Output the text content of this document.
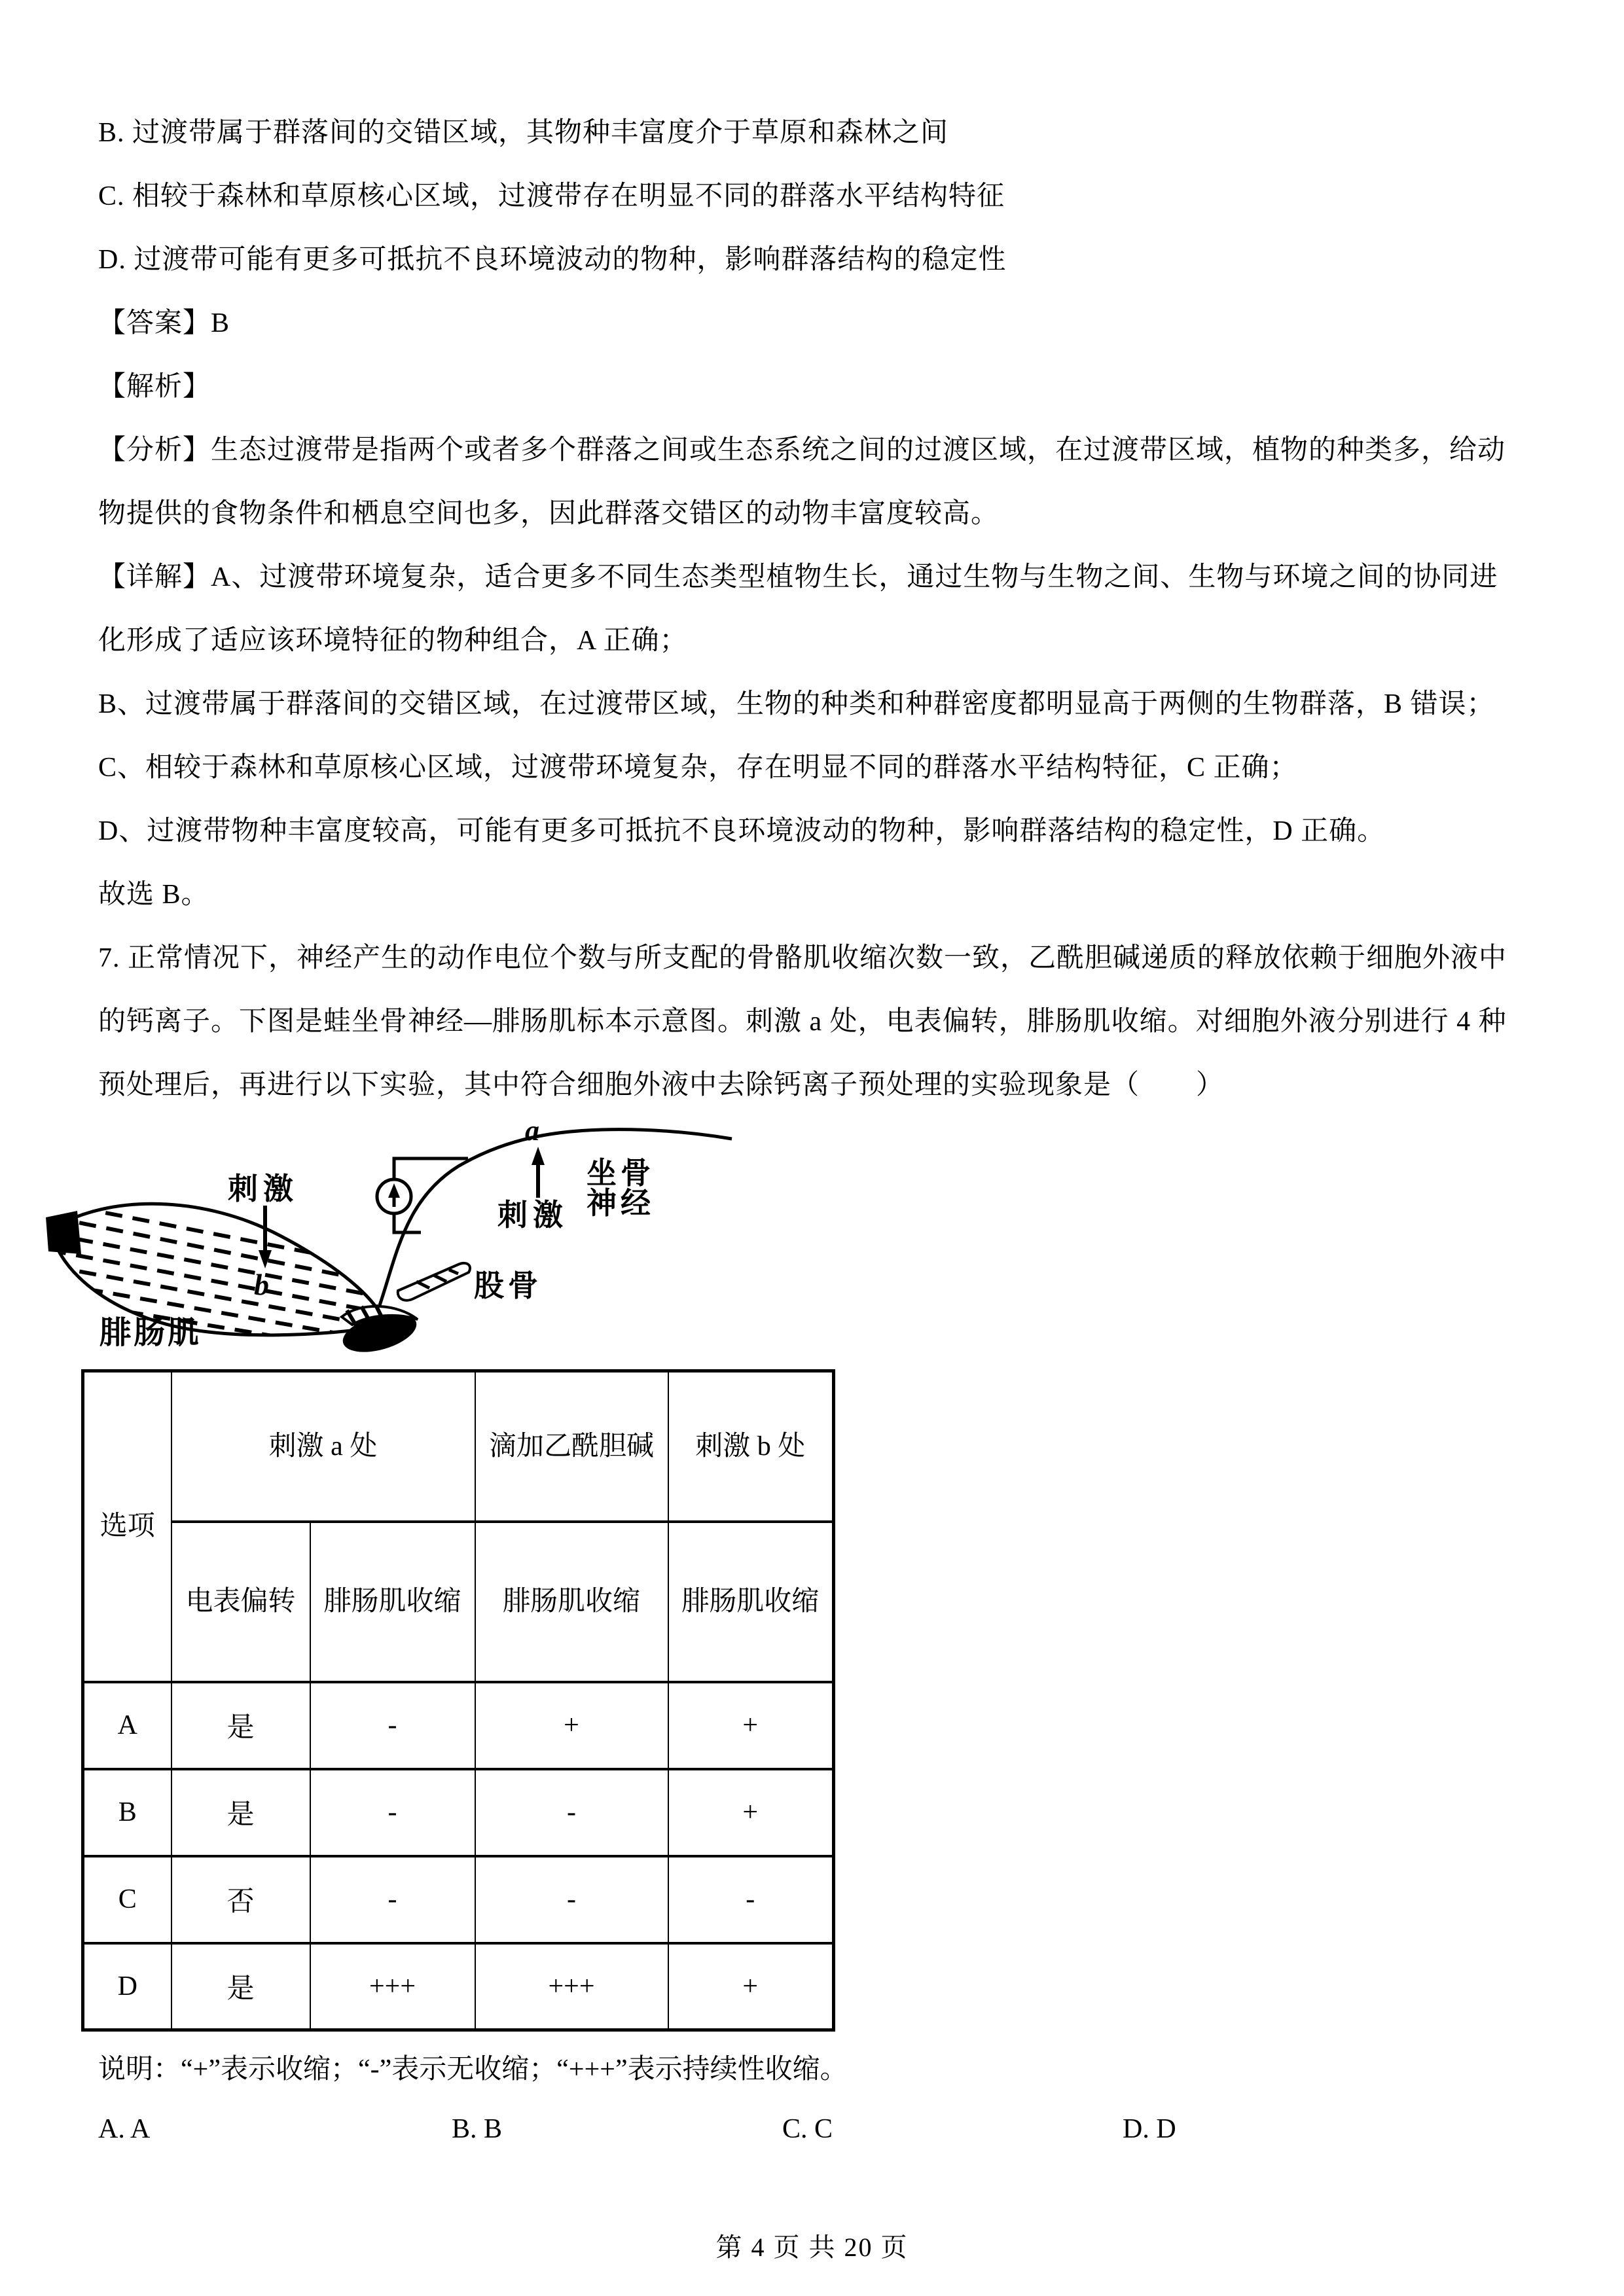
B. 过渡带属于群落间的交错区域，其物种丰富度介于草原和森林之间
C. 相较于森林和草原核心区域，过渡带存在明显不同的群落水平结构特征
D. 过渡带可能有更多可抵抗不良环境波动的物种，影响群落结构的稳定性
【答案】B
【解析】
【分析】生态过渡带是指两个或者多个群落之间或生态系统之间的过渡区域，在过渡带区域，植物的种类多，给动
物提供的食物条件和栖息空间也多，因此群落交错区的动物丰富度较高。
【详解】A、过渡带环境复杂，适合更多不同生态类型植物生长，通过生物与生物之间、生物与环境之间的协同进
化形成了适应该环境特征的物种组合，A 正确；
B、过渡带属于群落间的交错区域，在过渡带区域，生物的种类和种群密度都明显高于两侧的生物群落，B 错误；
C、相较于森林和草原核心区域，过渡带环境复杂，存在明显不同的群落水平结构特征，C 正确；
D、过渡带物种丰富度较高，可能有更多可抵抗不良环境波动的物种，影响群落结构的稳定性，D 正确。
故选 B。
7. 正常情况下，神经产生的动作电位个数与所支配的骨骼肌收缩次数一致，乙酰胆碱递质的释放依赖于细胞外液中
的钙离子。下图是蛙坐骨神经—腓肠肌标本示意图。刺激 a 处，电表偏转，腓肠肌收缩。对细胞外液分别进行 4 种
预处理后，再进行以下实验，其中符合细胞外液中去除钙离子预处理的实验现象是（　　）
腓肠肌
刺激
b
a
刺激
坐骨
神经
股骨
选项	刺激 a 处		滴加乙酰胆碱	刺激 b 处
	电表偏转	腓肠肌收缩	腓肠肌收缩	腓肠肌收缩
A	是	-	+	+
B	是	-	-	+
C	否	-	-	-
D	是	+++	+++	+
说明：“+”表示收缩；“-”表示无收缩；“+++”表示持续性收缩。
A. A	B. B	C. C	D. D
第 4 页 共 20 页
